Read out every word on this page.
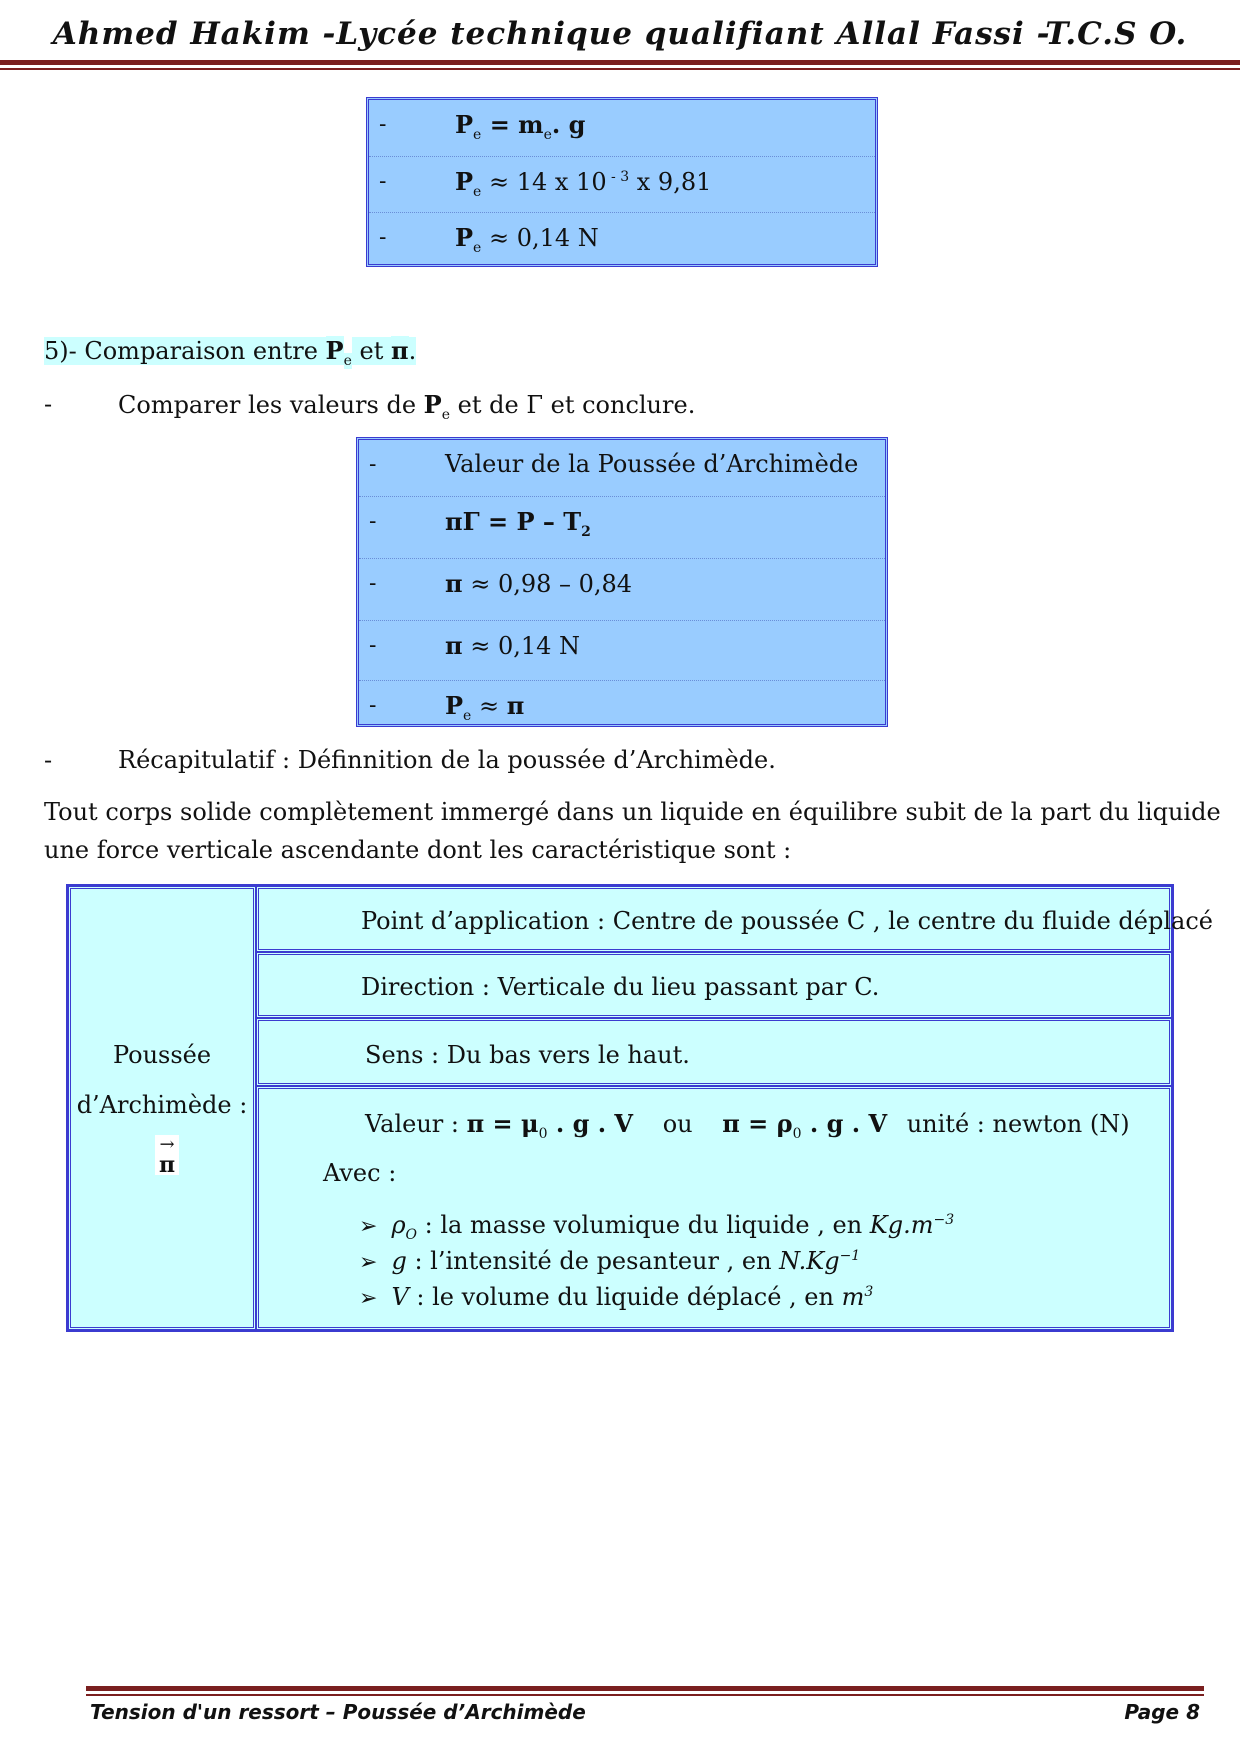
Ahmed Hakim -Lycée technique qualifiant Allal Fassi -T.C.S O.
-	$P_e = m_e$. g
-	$P_e \approx 14$ x 10 $^{- 3}$ x 9,81
-	$P_e \approx 0,14$ N
5)- Comparaison entre $P_e$ et π.
-	Comparer les valeurs de $P_e$ et de Γ et conclure.
-	Valeur de la Poussée d’Archimède
-	$\pi\Gamma = P - T_2$
-	π ≈ 0,98 – 0,84
-	π ≈ 0,14 N
-	$P_e \approx \pi$
-	Récapitulatif : Définnition de la poussée d’Archimède.
Tout corps solide complètement immergé dans un liquide en équilibre subit de la part du liquide
une force verticale ascendante dont les caractéristique sont :
Poussée
d’Archimède :
→
π
Point d’application : Centre de poussée C , le centre du fluide déplacé
Direction : Verticale du lieu passant par C.
Sens : Du bas vers le haut.
Valeur : $\pi = \mu_0$ . g . V ou $\pi = \rho_0$ . g . V unité : newton (N)
Avec :
➢ $\rho_O$ : la masse volumique du liquide , en $Kg.m^{-3}$
➢ g : l’intensité de pesanteur , en $N.Kg^{-1}$
➢ V : le volume du liquide déplacé , en $m^3$
Tension d'un ressort – Poussée d’Archimède	Page 8
